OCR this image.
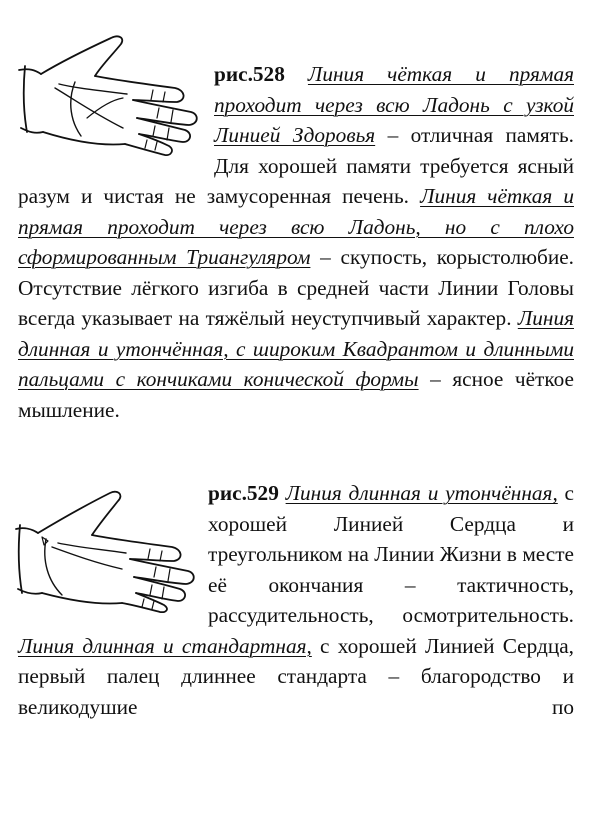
рис.528 Линия чёткая и прямая проходит через всю Ладонь с узкой Линией Здоровья – отличная память. Для хорошей памяти требуется ясный разум и чистая не замусоренная печень. Линия чёткая и прямая проходит через всю Ладонь, но с плохо сформированным Триангуляром – скупость, корыстолюбие. Отсутствие лёгкого изгиба в средней части Линии Головы всегда указывает на тяжёлый неуступчивый характер. Линия длинная и утончённая, с широким Квадрантом и длинными пальцами с кончиками конической формы – ясное чёткое мышление.

рис.529 Линия длинная и утончённая, с хорошей Линией Сердца и треугольником на Линии Жизни в месте её окончания – тактичность, рассудительность, осмотрительность. Линия длинная и стандартная, с хорошей Линией Сердца, первый палец длиннее стандарта – благородство и великодушие по
